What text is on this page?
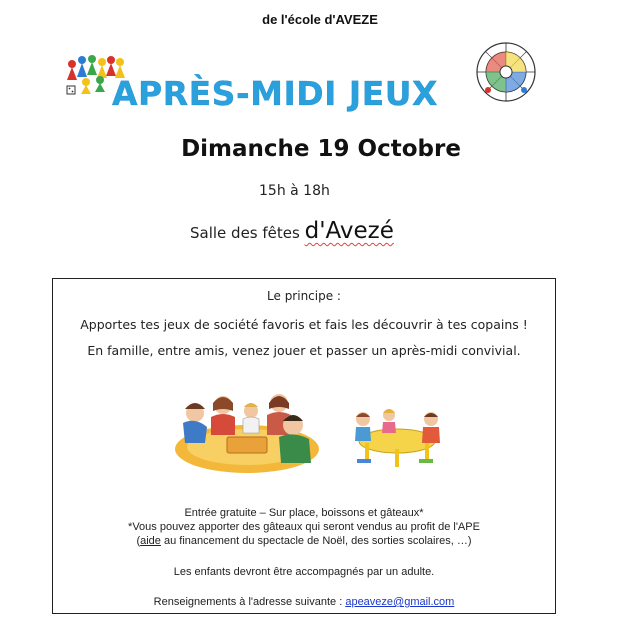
de l'école d'AVEZE
APRÈS-MIDI JEUX
Dimanche 19 Octobre
15h à 18h
Salle des fêtes d'Avezé
Le principe :
Apportes tes jeux de société favoris et fais les découvrir à tes copains !
En famille, entre amis, venez jouer et passer un après-midi convivial.
Entrée gratuite – Sur place, boissons et gâteaux*
*Vous pouvez apporter des gâteaux qui seront vendus au profit de l'APE
(aide au financement du spectacle de Noël, des sorties scolaires, …)
Les enfants devront être accompagnés par un adulte.
Renseignements à l'adresse suivante : apeaveze@gmail.com
